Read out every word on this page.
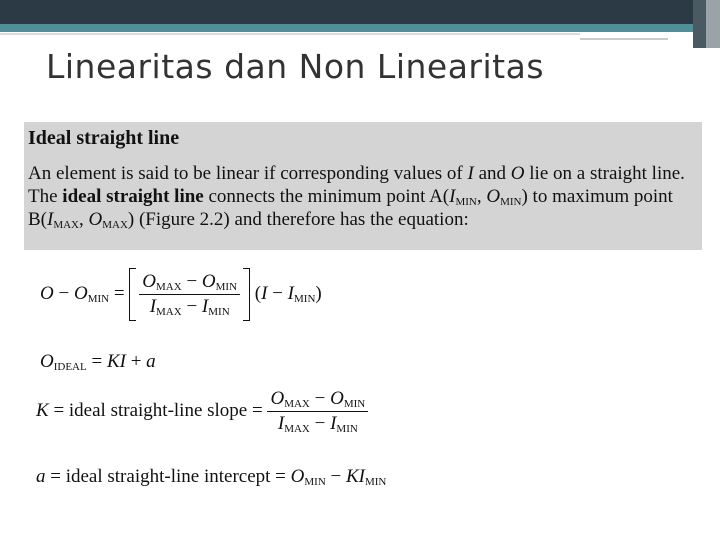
Linearitas dan Non Linearitas
Ideal straight line
An element is said to be linear if corresponding values of I and O lie on a straight line. The ideal straight line connects the minimum point $A(I_{MIN}$, $O_{MIN}$) to maximum point $B(I_{MAX}$, $O_{MAX}$) (Figure 2.2) and therefore has the equation:
$O - O_{MIN} = \frac{O_{MAX} - O_{MIN}}{I_{MAX} - I_{MIN}} (I - I_{MIN})$
$O_{IDEAL}$ = KI + a
K = ideal straight-line slope = $\frac{O_{MAX} - O_{MIN}}{I_{MAX} - I_{MIN}}$
a = ideal straight-line intercept = $O_{MIN} - KI_{MIN}$
